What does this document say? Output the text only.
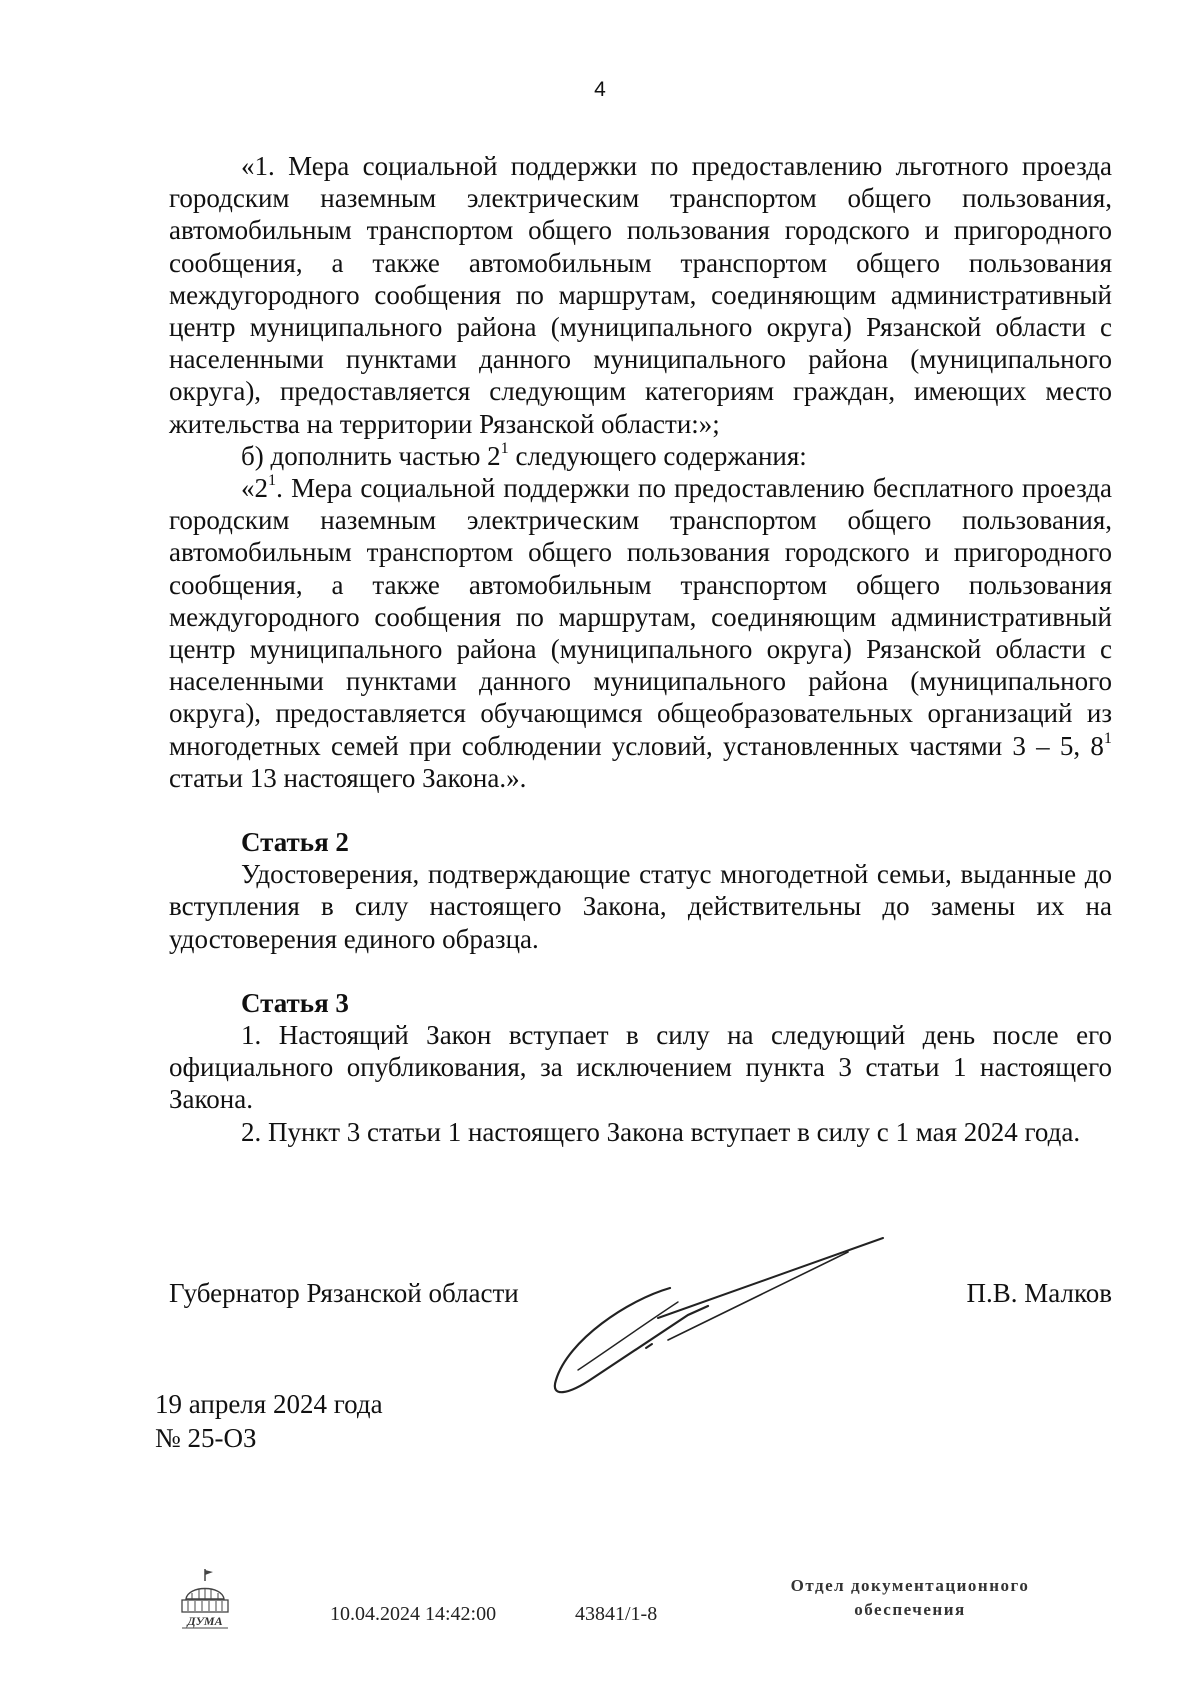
4

«1. Мера социальной поддержки по предоставлению льготного проезда городским наземным электрическим транспортом общего пользования, автомобильным транспортом общего пользования городского и пригородного сообщения, а также автомобильным транспортом общего пользования междугородного сообщения по маршрутам, соединяющим административный центр муниципального района (муниципального округа) Рязанской области с населенными пунктами данного муниципального района (муниципального округа), предоставляется следующим категориям граждан, имеющих место жительства на территории Рязанской области:»;

б) дополнить частью $2^1$ следующего содержания:

«$2^1$. Мера социальной поддержки по предоставлению бесплатного проезда городским наземным электрическим транспортом общего пользования, автомобильным транспортом общего пользования городского и пригородного сообщения, а также автомобильным транспортом общего пользования междугородного сообщения по маршрутам, соединяющим административный центр муниципального района (муниципального округа) Рязанской области с населенными пунктами данного муниципального района (муниципального округа), предоставляется обучающимся общеобразовательных организаций из многодетных семей при соблюдении условий, установленных частями 3 – 5, $8^1$ статьи 13 настоящего Закона.».

Статья 2

Удостоверения, подтверждающие статус многодетной семьи, выданные до вступления в силу настоящего Закона, действительны до замены их на удостоверения единого образца.

Статья 3

1. Настоящий Закон вступает в силу на следующий день после его официального опубликования, за исключением пункта 3 статьи 1 настоящего Закона.

2. Пункт 3 статьи 1 настоящего Закона вступает в силу с 1 мая 2024 года.

Губернатор Рязанской области	П.В. Малков
19 апреля 2024 года
№ 25-ОЗ
ДУМА	10.04.2024 14:42:00	43841/1-8
Отдел документационного
обеспечения
